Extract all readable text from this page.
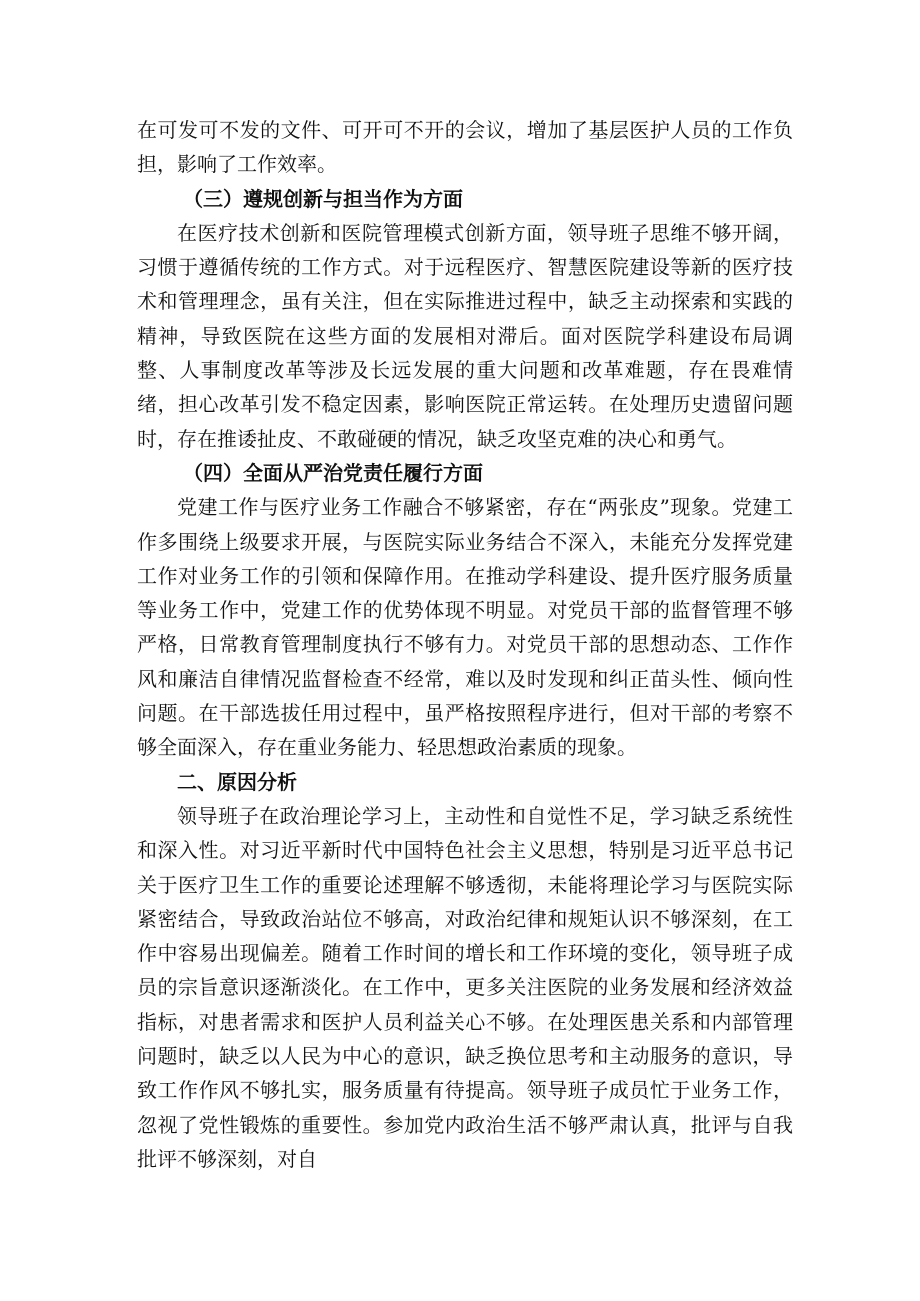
在可发可不发的文件、可开可不开的会议，增加了基层医护人员的工作负担，影响了工作效率。

（三）遵规创新与担当作为方面

在医疗技术创新和医院管理模式创新方面，领导班子思维不够开阔，习惯于遵循传统的工作方式。对于远程医疗、智慧医院建设等新的医疗技术和管理理念，虽有关注，但在实际推进过程中，缺乏主动探索和实践的精神，导致医院在这些方面的发展相对滞后。面对医院学科建设布局调整、人事制度改革等涉及长远发展的重大问题和改革难题，存在畏难情绪，担心改革引发不稳定因素，影响医院正常运转。在处理历史遗留问题时，存在推诿扯皮、不敢碰硬的情况，缺乏攻坚克难的决心和勇气。

（四）全面从严治党责任履行方面

党建工作与医疗业务工作融合不够紧密，存在“两张皮”现象。党建工作多围绕上级要求开展，与医院实际业务结合不深入，未能充分发挥党建工作对业务工作的引领和保障作用。在推动学科建设、提升医疗服务质量等业务工作中，党建工作的优势体现不明显。对党员干部的监督管理不够严格，日常教育管理制度执行不够有力。对党员干部的思想动态、工作作风和廉洁自律情况监督检查不经常，难以及时发现和纠正苗头性、倾向性问题。在干部选拔任用过程中，虽严格按照程序进行，但对干部的考察不够全面深入，存在重业务能力、轻思想政治素质的现象。

二、原因分析

领导班子在政治理论学习上，主动性和自觉性不足，学习缺乏系统性和深入性。对习近平新时代中国特色社会主义思想，特别是习近平总书记关于医疗卫生工作的重要论述理解不够透彻，未能将理论学习与医院实际紧密结合，导致政治站位不够高，对政治纪律和规矩认识不够深刻，在工作中容易出现偏差。随着工作时间的增长和工作环境的变化，领导班子成员的宗旨意识逐渐淡化。在工作中，更多关注医院的业务发展和经济效益指标，对患者需求和医护人员利益关心不够。在处理医患关系和内部管理问题时，缺乏以人民为中心的意识，缺乏换位思考和主动服务的意识，导致工作作风不够扎实，服务质量有待提高。领导班子成员忙于业务工作，忽视了党性锻炼的重要性。参加党内政治生活不够严肃认真，批评与自我批评不够深刻，对自
